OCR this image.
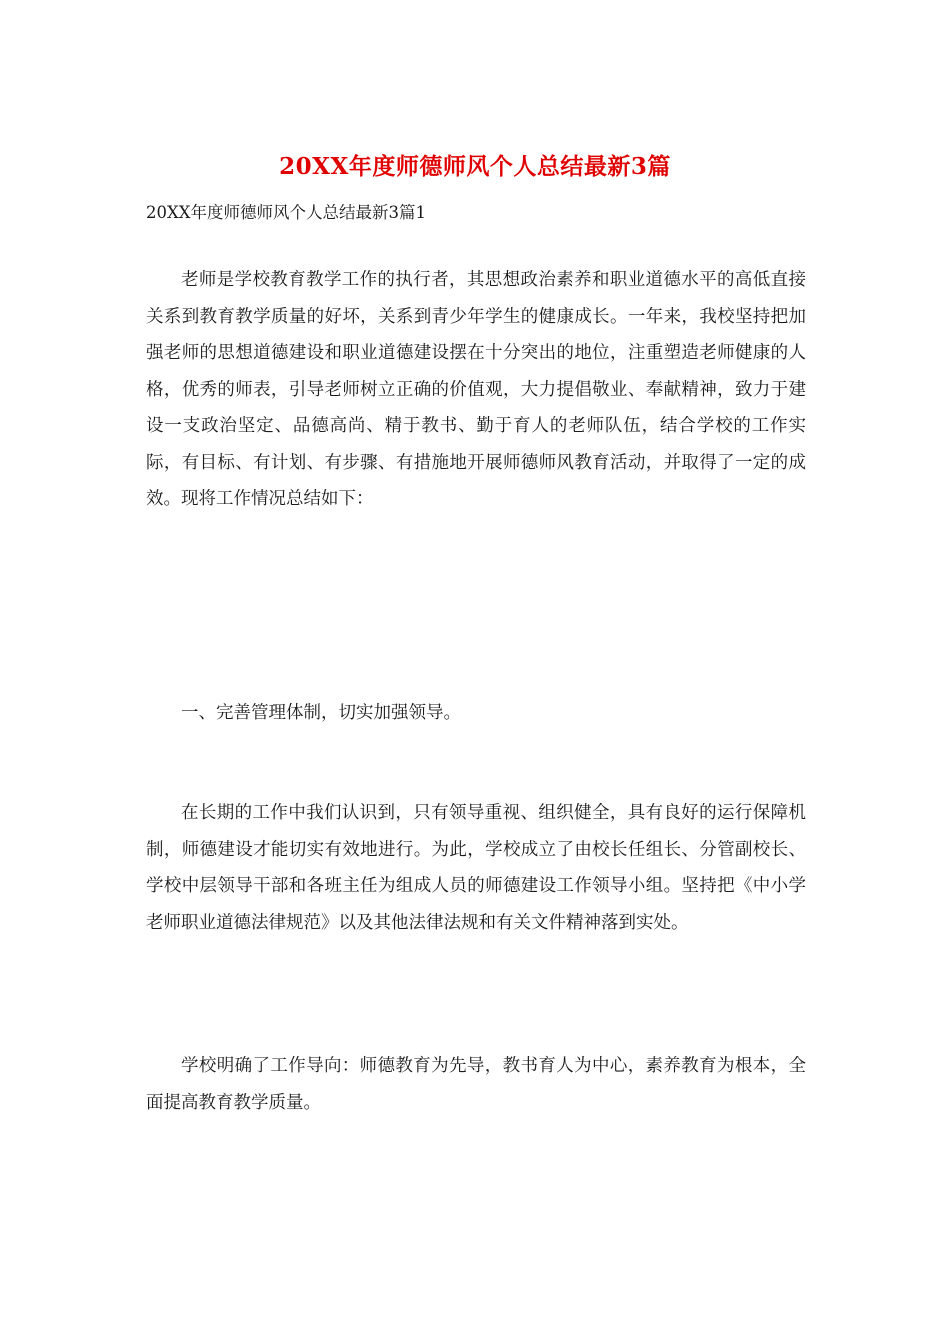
20XX年度师德师风个人总结最新3篇
20XX年度师德师风个人总结最新3篇1

老师是学校教育教学工作的执行者，其思想政治素养和职业道德水平的高低直接关系到教育教学质量的好坏，关系到青少年学生的健康成长。一年来，我校坚持把加强老师的思想道德建设和职业道德建设摆在十分突出的地位，注重塑造老师健康的人格，优秀的师表，引导老师树立正确的价值观，大力提倡敬业、奉献精神，致力于建设一支政治坚定、品德高尚、精于教书、勤于育人的老师队伍，结合学校的工作实际，有目标、有计划、有步骤、有措施地开展师德师风教育活动，并取得了一定的成效。现将工作情况总结如下：

一、完善管理体制，切实加强领导。

在长期的工作中我们认识到，只有领导重视、组织健全，具有良好的运行保障机制，师德建设才能切实有效地进行。为此，学校成立了由校长任组长、分管副校长、学校中层领导干部和各班主任为组成人员的师德建设工作领导小组。坚持把《中小学老师职业道德法律规范》以及其他法律法规和有关文件精神落到实处。

学校明确了工作导向：师德教育为先导，教书育人为中心，素养教育为根本，全面提高教育教学质量。
